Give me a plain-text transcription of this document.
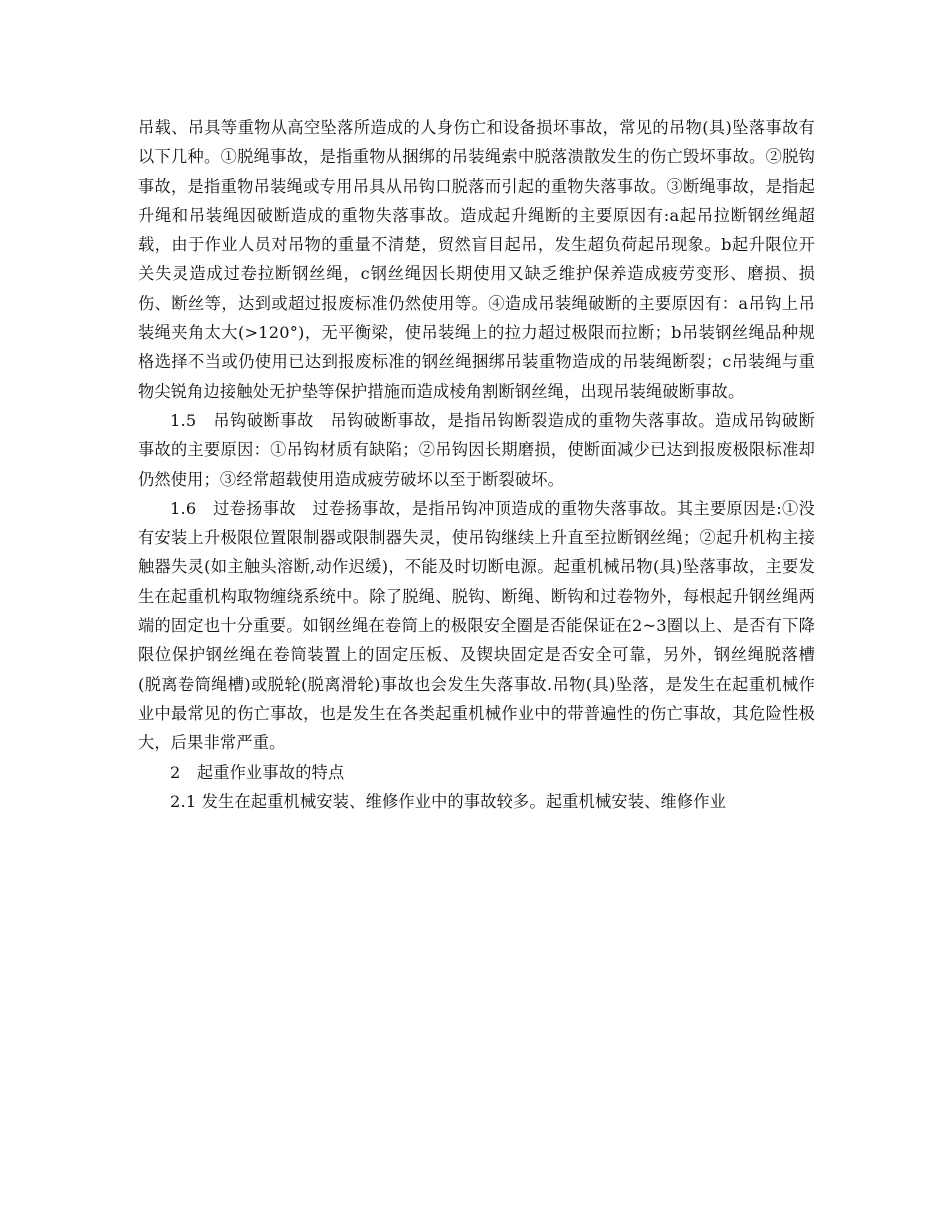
吊载、吊具等重物从高空坠落所造成的人身伤亡和设备损坏事故，常见的吊物(具)坠落事故有以下几种。①脱绳事故，是指重物从捆绑的吊装绳索中脱落溃散发生的伤亡毁坏事故。②脱钩事故，是指重物吊装绳或专用吊具从吊钩口脱落而引起的重物失落事故。③断绳事故，是指起升绳和吊装绳因破断造成的重物失落事故。造成起升绳断的主要原因有:a起吊拉断钢丝绳超载，由于作业人员对吊物的重量不清楚，贸然盲目起吊，发生超负荷起吊现象。b起升限位开关失灵造成过卷拉断钢丝绳，c钢丝绳因长期使用又缺乏维护保养造成疲劳变形、磨损、损伤、断丝等，达到或超过报废标准仍然使用等。④造成吊装绳破断的主要原因有：a吊钩上吊装绳夹角太大(>120°)，无平衡梁，使吊装绳上的拉力超过极限而拉断；b吊装钢丝绳品种规格选择不当或仍使用已达到报废标准的钢丝绳捆绑吊装重物造成的吊装绳断裂；c吊装绳与重物尖锐角边接触处无护垫等保护措施而造成棱角割断钢丝绳，出现吊装绳破断事故。

1.5　吊钩破断事故　吊钩破断事故，是指吊钩断裂造成的重物失落事故。造成吊钩破断事故的主要原因：①吊钩材质有缺陷；②吊钩因长期磨损，使断面减少已达到报废极限标准却仍然使用；③经常超载使用造成疲劳破坏以至于断裂破坏。

1.6　过卷扬事故　过卷扬事故，是指吊钩冲顶造成的重物失落事故。其主要原因是:①没有安装上升极限位置限制器或限制器失灵，使吊钩继续上升直至拉断钢丝绳；②起升机构主接触器失灵(如主触头溶断,动作迟缓)，不能及时切断电源。起重机械吊物(具)坠落事故，主要发生在起重机构取物缠绕系统中。除了脱绳、脱钩、断绳、断钩和过卷物外，每根起升钢丝绳两端的固定也十分重要。如钢丝绳在卷筒上的极限安全圈是否能保证在2~3圈以上、是否有下降限位保护钢丝绳在卷筒装置上的固定压板、及锲块固定是否安全可靠，另外，钢丝绳脱落槽(脱离卷筒绳槽)或脱轮(脱离滑轮)事故也会发生失落事故.吊物(具)坠落，是发生在起重机械作业中最常见的伤亡事故，也是发生在各类起重机械作业中的带普遍性的伤亡事故，其危险性极大，后果非常严重。

2　起重作业事故的特点

2.1 发生在起重机械安装、维修作业中的事故较多。起重机械安装、维修作业
